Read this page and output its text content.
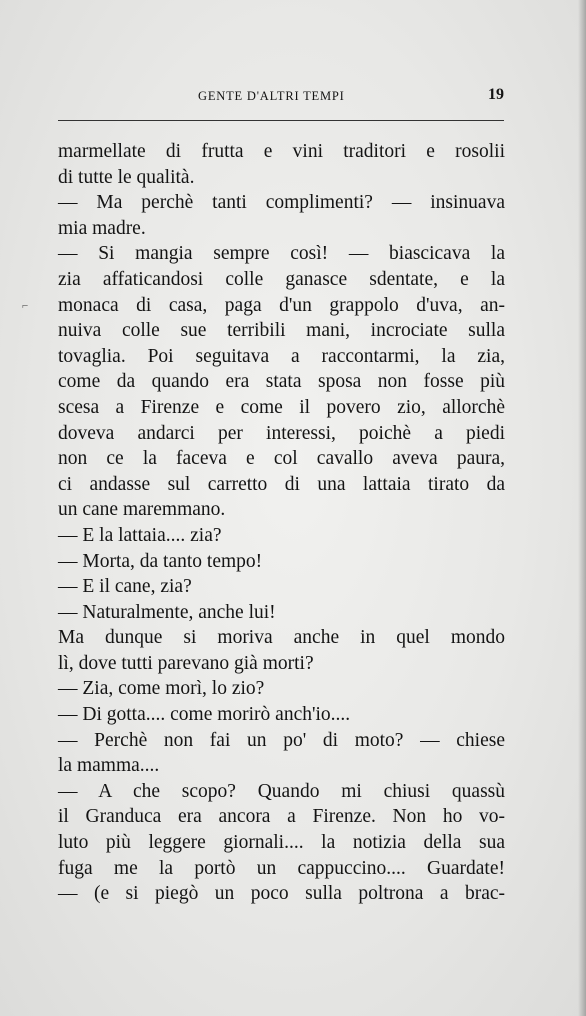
GENTE D'ALTRI TEMPI	19
⌐
marmellate di frutta e vini traditori e rosolii
di tutte le qualità.
— Ma perchè tanti complimenti? — insinuava
mia madre.
— Si mangia sempre così! — biascicava la
zia affaticandosi colle ganasce sdentate, e la
monaca di casa, paga d'un grappolo d'uva, an-
nuiva colle sue terribili mani, incrociate sulla
tovaglia. Poi seguitava a raccontarmi, la zia,
come da quando era stata sposa non fosse più
scesa a Firenze e come il povero zio, allorchè
doveva andarci per interessi, poichè a piedi
non ce la faceva e col cavallo aveva paura,
ci andasse sul carretto di una lattaia tirato da
un cane maremmano.
— E la lattaia.... zia?
— Morta, da tanto tempo!
— E il cane, zia?
— Naturalmente, anche lui!
Ma dunque si moriva anche in quel mondo
lì, dove tutti parevano già morti?
— Zia, come morì, lo zio?
— Di gotta.... come morirò anch'io....
— Perchè non fai un po' di moto? — chiese
la mamma....
— A che scopo? Quando mi chiusi quassù
il Granduca era ancora a Firenze. Non ho vo-
luto più leggere giornali.... la notizia della sua
fuga me la portò un cappuccino.... Guardate!
— (e si piegò un poco sulla poltrona a brac-
